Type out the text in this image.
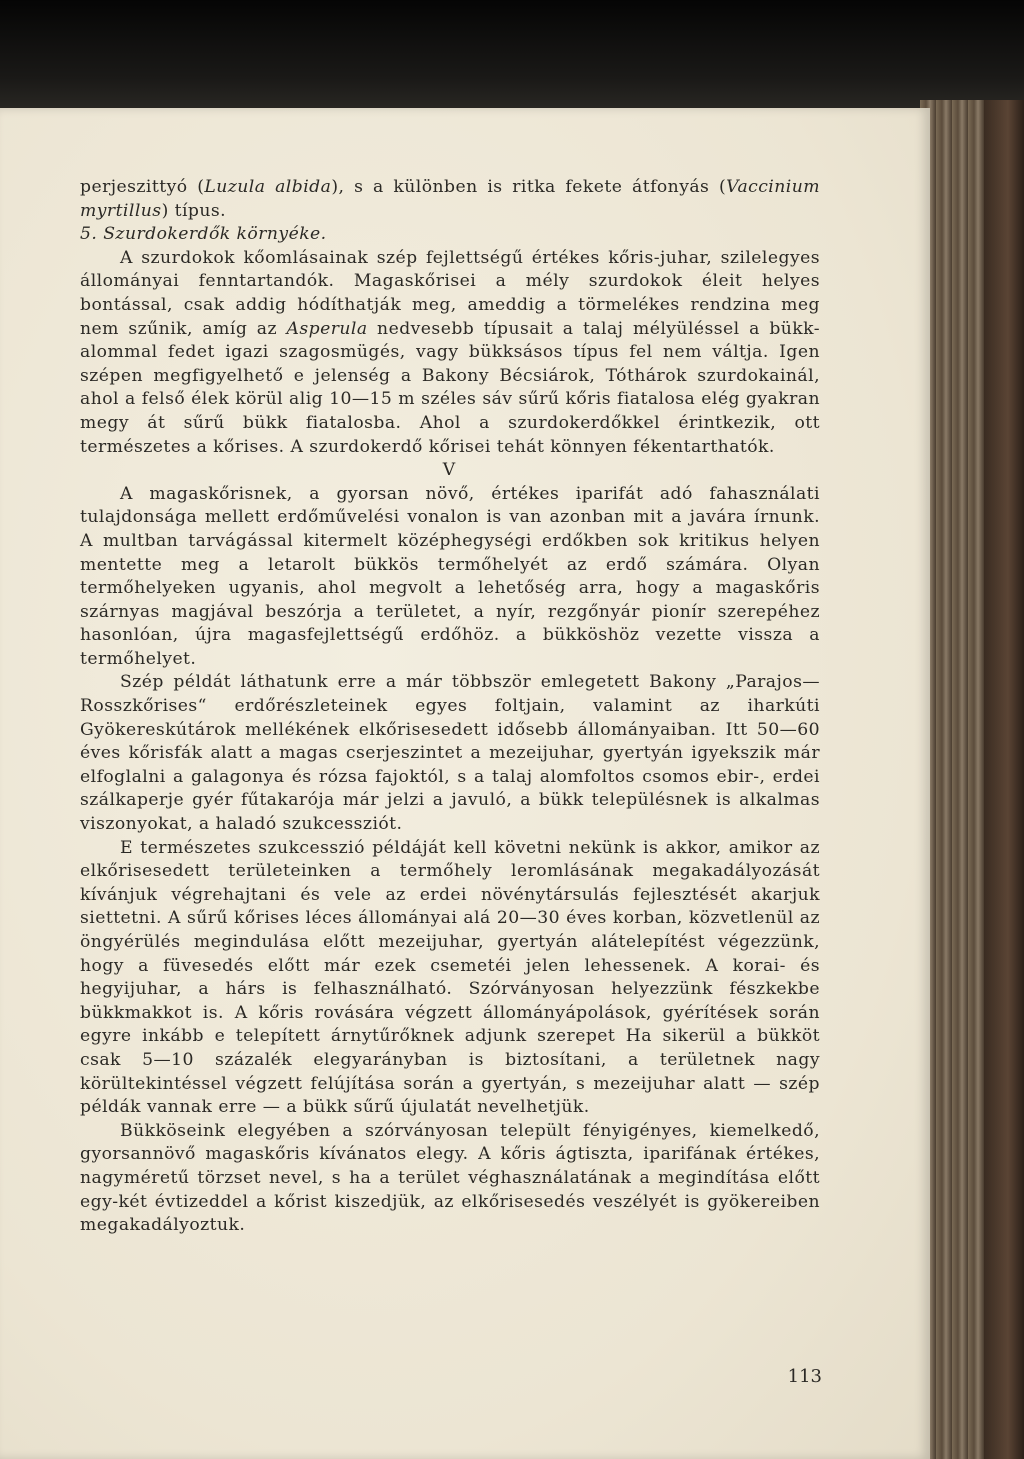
perjeszittyó (Luzula albida), s a különben is ritka fekete átfonyás (Vaccinium myrtillus) típus.

5. Szurdokerdők környéke.

A szurdokok kőomlásainak szép fejlettségű értékes kőris-juhar, szilelegyes állományai fenntartandók. Magaskőrisei a mély szurdokok éleit helyes bontással, csak addig hódíthatják meg, ameddig a törmelékes rendzina meg nem szűnik, amíg az Asperula nedvesebb típusait a talaj mélyüléssel a bükk-alommal fedet igazi szagosmügés, vagy bükksásos típus fel nem váltja. Igen szépen megfigyelhető e jelenség a Bakony Bécsiárok, Tóthárok szurdokainál, ahol a felső élek körül alig 10—15 m széles sáv sűrű kőris fiatalosa elég gyakran megy át sűrű bükk fiatalosba. Ahol a szurdokerdőkkel érintkezik, ott természetes a kőrises. A szurdokerdő kőrisei tehát könnyen fékentarthatók.

V

A magaskőrisnek, a gyorsan növő, értékes iparifát adó fahasználati tulajdonsága mellett erdőművelési vonalon is van azonban mit a javára írnunk. A multban tarvágással kitermelt középhegységi erdőkben sok kritikus helyen mentette meg a letarolt bükkös termőhelyét az erdő számára. Olyan termőhelyeken ugyanis, ahol megvolt a lehetőség arra, hogy a magaskőris szárnyas magjával beszórja a területet, a nyír, rezgőnyár pionír szerepéhez hasonlóan, újra magasfejlettségű erdőhöz. a bükköshöz vezette vissza a termőhelyet.

Szép példát láthatunk erre a már többször emlegetett Bakony „Parajos—Rosszkőrises“ erdőrészleteinek egyes foltjain, valamint az iharkúti Gyökereskútárok mellékének elkőrisesedett idősebb állományaiban. Itt 50—60 éves kőrisfák alatt a magas cserjeszintet a mezeijuhar, gyertyán igyekszik már elfoglalni a galagonya és rózsa fajoktól, s a talaj alomfoltos csomos ebir-, erdei szálkaperje gyér fűtakarója már jelzi a javuló, a bükk településnek is alkalmas viszonyokat, a haladó szukcessziót.

E természetes szukcesszió példáját kell követni nekünk is akkor, amikor az elkőrisesedett területeinken a termőhely leromlásának megakadályozását kívánjuk végrehajtani és vele az erdei növénytársulás fejlesztését akarjuk siettetni. A sűrű kőrises léces állományai alá 20—30 éves korban, közvetlenül az öngyérülés megindulása előtt mezeijuhar, gyertyán alátelepítést végezzünk, hogy a füvesedés előtt már ezek csemetéi jelen lehessenek. A korai- és hegyijuhar, a hárs is felhasználható. Szórványosan helyezzünk fészkekbe bükkmakkot is. A kőris rovására végzett állományápolások, gyérítések során egyre inkább e telepített árnytűrőknek adjunk szerepet Ha sikerül a bükköt csak 5—10 százalék elegyarányban is biztosítani, a területnek nagy körültekintéssel végzett felújítása során a gyertyán, s mezeijuhar alatt — szép példák vannak erre — a bükk sűrű újulatát nevelhetjük.

Bükköseink elegyében a szórványosan települt fényigényes, kiemelkedő, gyorsannövő magaskőris kívánatos elegy. A kőris ágtiszta, iparifának értékes, nagyméretű törzset nevel, s ha a terület véghasználatának a megindítása előtt egy-két évtizeddel a kőrist kiszedjük, az elkőrisesedés veszélyét is gyökereiben megakadályoztuk.

113
